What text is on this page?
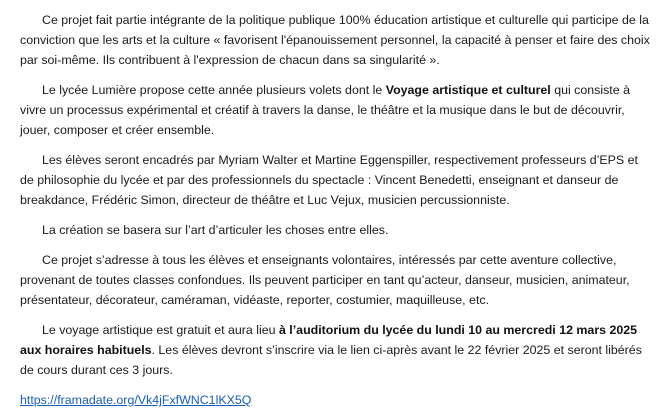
Ce projet fait partie intégrante de la politique publique 100% éducation artistique et culturelle qui participe de la conviction que les arts et la culture « favorisent l'épanouissement personnel, la capacité à penser et faire des choix par soi-même. Ils contribuent à l'expression de chacun dans sa singularité ».

Le lycée Lumière propose cette année plusieurs volets dont le Voyage artistique et culturel qui consiste à vivre un processus expérimental et créatif à travers la danse, le théâtre et la musique dans le but de découvrir, jouer, composer et créer ensemble.

Les élèves seront encadrés par Myriam Walter et Martine Eggenspiller, respectivement professeurs d’EPS et de philosophie du lycée et par des professionnels du spectacle : Vincent Benedetti, enseignant et danseur de breakdance, Frédéric Simon, directeur de théâtre et Luc Vejux, musicien percussionniste.

La création se basera sur l’art d’articuler les choses entre elles.

Ce projet s’adresse à tous les élèves et enseignants volontaires, intéressés par cette aventure collective, provenant de toutes classes confondues. Ils peuvent participer en tant qu’acteur, danseur, musicien, animateur, présentateur, décorateur, caméraman, vidéaste, reporter, costumier, maquilleuse, etc.

Le voyage artistique est gratuit et aura lieu à l’auditorium du lycée du lundi 10 au mercredi 12 mars 2025 aux horaires habituels. Les élèves devront s’inscrire via le lien ci-après avant le 22 février 2025 et seront libérés de cours durant ces 3 jours.

https://framadate.org/Vk4jFxfWNC1lKX5Q
